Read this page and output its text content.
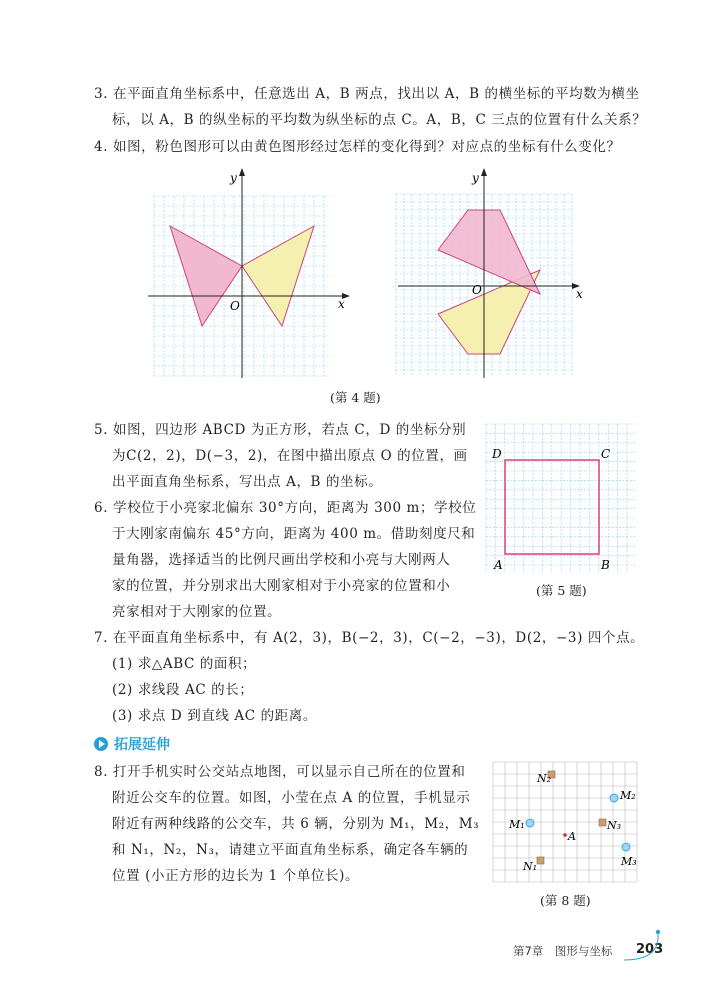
3. 在平面直角坐标系中，任意选出 A，B 两点，找出以 A，B 的横坐标的平均数为横坐
标，以 A，B 的纵坐标的平均数为纵坐标的点 C。A，B，C 三点的位置有什么关系？
4. 如图，粉色图形可以由黄色图形经过怎样的变化得到？对应点的坐标有什么变化？
x
y
O
x
y
O
(第 4 题)
5. 如图，四边形 ABCD 为正方形，若点 C，D 的坐标分别
为C(2，2)，D(−3，2)，在图中描出原点 O 的位置，画
出平面直角坐标系，写出点 A，B 的坐标。
D	C
A	B
(第 5 题)
6. 学校位于小亮家北偏东 30°方向，距离为 300 m；学校位
于大刚家南偏东 45°方向，距离为 400 m。借助刻度尺和
量角器，选择适当的比例尺画出学校和小亮与大刚两人
家的位置，并分别求出大刚家相对于小亮家的位置和小
亮家相对于大刚家的位置。
7. 在平面直角坐标系中，有 A(2，3)，B(−2，3)，C(−2，−3)，D(2，−3) 四个点。
(1) 求△ABC 的面积；
(2) 求线段 AC 的长；
(3) 求点 D 到直线 AC 的距离。
拓展延伸
8. 打开手机实时公交站点地图，可以显示自己所在的位置和
附近公交车的位置。如图，小莹在点 A 的位置，手机显示
附近有两种线路的公交车，共 6 辆，分别为 M₁，M₂，M₃
和 N₁，N₂，N₃，请建立平面直角坐标系，确定各车辆的
位置 (小正方形的边长为 1 个单位长)。
N₂
M₂
M₁	N₃
A
M₃
N₁
(第 8 题)
第7章　图形与坐标 203
